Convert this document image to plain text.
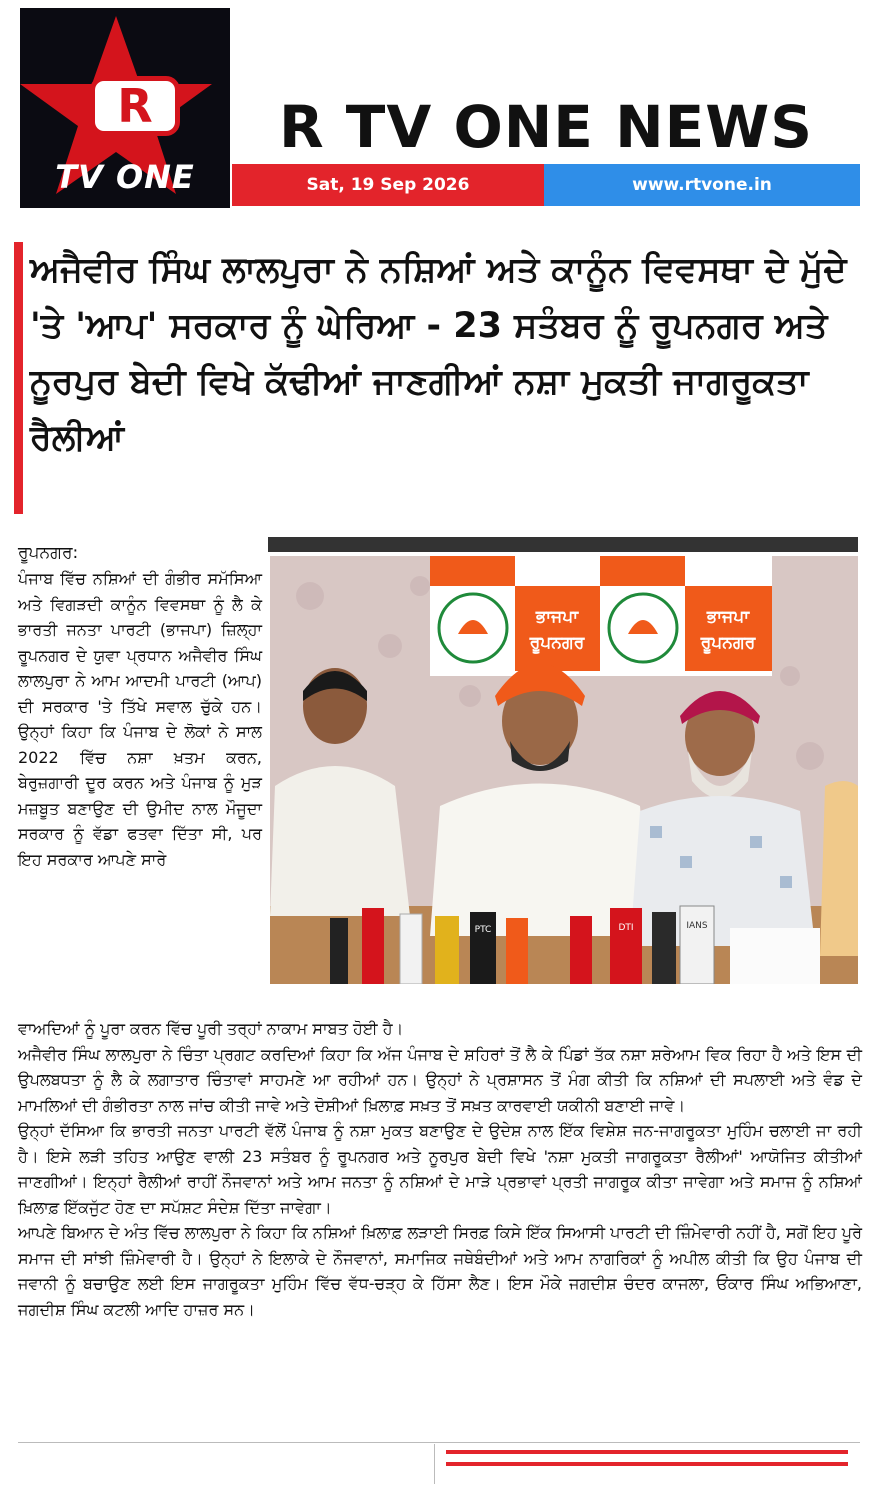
R
TV ONE
R TV ONE NEWS
Sat, 19 Sep 2026	www.rtvone.in
ਅਜੈਵੀਰ ਸਿੰਘ ਲਾਲਪੁਰਾ ਨੇ ਨਸ਼ਿਆਂ ਅਤੇ ਕਾਨੂੰਨ ਵਿਵਸਥਾ ਦੇ ਮੁੱਦੇ 'ਤੇ 'ਆਪ' ਸਰਕਾਰ ਨੂੰ ਘੇਰਿਆ - 23 ਸਤੰਬਰ ਨੂੰ ਰੂਪਨਗਰ ਅਤੇ ਨੂਰਪੁਰ ਬੇਦੀ ਵਿਖੇ ਕੱਢੀਆਂ ਜਾਣਗੀਆਂ ਨਸ਼ਾ ਮੁਕਤੀ ਜਾਗਰੂਕਤਾ ਰੈਲੀਆਂ

ਰੂਪਨਗਰ:

ਪੰਜਾਬ ਵਿੱਚ ਨਸ਼ਿਆਂ ਦੀ ਗੰਭੀਰ ਸਮੱਸਿਆ ਅਤੇ ਵਿਗੜਦੀ ਕਾਨੂੰਨ ਵਿਵਸਥਾ ਨੂੰ ਲੈ ਕੇ ਭਾਰਤੀ ਜਨਤਾ ਪਾਰਟੀ (ਭਾਜਪਾ) ਜ਼ਿਲ੍ਹਾ ਰੂਪਨਗਰ ਦੇ ਯੁਵਾ ਪ੍ਰਧਾਨ ਅਜੈਵੀਰ ਸਿੰਘ ਲਾਲਪੁਰਾ ਨੇ ਆਮ ਆਦਮੀ ਪਾਰਟੀ (ਆਪ) ਦੀ ਸਰਕਾਰ 'ਤੇ ਤਿੱਖੇ ਸਵਾਲ ਚੁੱਕੇ ਹਨ। ਉਨ੍ਹਾਂ ਕਿਹਾ ਕਿ ਪੰਜਾਬ ਦੇ ਲੋਕਾਂ ਨੇ ਸਾਲ 2022 ਵਿੱਚ ਨਸ਼ਾ ਖ਼ਤਮ ਕਰਨ, ਬੇਰੁਜ਼ਗਾਰੀ ਦੂਰ ਕਰਨ ਅਤੇ ਪੰਜਾਬ ਨੂੰ ਮੁੜ ਮਜ਼ਬੂਤ ਬਣਾਉਣ ਦੀ ਉਮੀਦ ਨਾਲ ਮੌਜੂਦਾ ਸਰਕਾਰ ਨੂੰ ਵੱਡਾ ਫਤਵਾ ਦਿੱਤਾ ਸੀ, ਪਰ ਇਹ ਸਰਕਾਰ ਆਪਣੇ ਸਾਰੇ

ਭਾਜਪਾ
ਰੂਪਨਗਰ
ਭਾਜਪਾ
ਰੂਪਨਗਰ
PTC	DTI	IANS

ਵਾਅਦਿਆਂ ਨੂੰ ਪੂਰਾ ਕਰਨ ਵਿੱਚ ਪੂਰੀ ਤਰ੍ਹਾਂ ਨਾਕਾਮ ਸਾਬਤ ਹੋਈ ਹੈ।

ਅਜੈਵੀਰ ਸਿੰਘ ਲਾਲਪੁਰਾ ਨੇ ਚਿੰਤਾ ਪ੍ਰਗਟ ਕਰਦਿਆਂ ਕਿਹਾ ਕਿ ਅੱਜ ਪੰਜਾਬ ਦੇ ਸ਼ਹਿਰਾਂ ਤੋਂ ਲੈ ਕੇ ਪਿੰਡਾਂ ਤੱਕ ਨਸ਼ਾ ਸ਼ਰੇਆਮ ਵਿਕ ਰਿਹਾ ਹੈ ਅਤੇ ਇਸ ਦੀ ਉਪਲਬਧਤਾ ਨੂੰ ਲੈ ਕੇ ਲਗਾਤਾਰ ਚਿੰਤਾਵਾਂ ਸਾਹਮਣੇ ਆ ਰਹੀਆਂ ਹਨ। ਉਨ੍ਹਾਂ ਨੇ ਪ੍ਰਸ਼ਾਸਨ ਤੋਂ ਮੰਗ ਕੀਤੀ ਕਿ ਨਸ਼ਿਆਂ ਦੀ ਸਪਲਾਈ ਅਤੇ ਵੰਡ ਦੇ ਮਾਮਲਿਆਂ ਦੀ ਗੰਭੀਰਤਾ ਨਾਲ ਜਾਂਚ ਕੀਤੀ ਜਾਵੇ ਅਤੇ ਦੋਸ਼ੀਆਂ ਖ਼ਿਲਾਫ਼ ਸਖ਼ਤ ਤੋਂ ਸਖ਼ਤ ਕਾਰਵਾਈ ਯਕੀਨੀ ਬਣਾਈ ਜਾਵੇ।

ਉਨ੍ਹਾਂ ਦੱਸਿਆ ਕਿ ਭਾਰਤੀ ਜਨਤਾ ਪਾਰਟੀ ਵੱਲੋਂ ਪੰਜਾਬ ਨੂੰ ਨਸ਼ਾ ਮੁਕਤ ਬਣਾਉਣ ਦੇ ਉਦੇਸ਼ ਨਾਲ ਇੱਕ ਵਿਸ਼ੇਸ਼ ਜਨ-ਜਾਗਰੂਕਤਾ ਮੁਹਿੰਮ ਚਲਾਈ ਜਾ ਰਹੀ ਹੈ। ਇਸੇ ਲੜੀ ਤਹਿਤ ਆਉਣ ਵਾਲੀ 23 ਸਤੰਬਰ ਨੂੰ ਰੂਪਨਗਰ ਅਤੇ ਨੂਰਪੁਰ ਬੇਦੀ ਵਿਖੇ 'ਨਸ਼ਾ ਮੁਕਤੀ ਜਾਗਰੂਕਤਾ ਰੈਲੀਆਂ' ਆਯੋਜਿਤ ਕੀਤੀਆਂ ਜਾਣਗੀਆਂ। ਇਨ੍ਹਾਂ ਰੈਲੀਆਂ ਰਾਹੀਂ ਨੌਜਵਾਨਾਂ ਅਤੇ ਆਮ ਜਨਤਾ ਨੂੰ ਨਸ਼ਿਆਂ ਦੇ ਮਾੜੇ ਪ੍ਰਭਾਵਾਂ ਪ੍ਰਤੀ ਜਾਗਰੂਕ ਕੀਤਾ ਜਾਵੇਗਾ ਅਤੇ ਸਮਾਜ ਨੂੰ ਨਸ਼ਿਆਂ ਖ਼ਿਲਾਫ਼ ਇੱਕਜੁੱਟ ਹੋਣ ਦਾ ਸਪੱਸ਼ਟ ਸੰਦੇਸ਼ ਦਿੱਤਾ ਜਾਵੇਗਾ।

ਆਪਣੇ ਬਿਆਨ ਦੇ ਅੰਤ ਵਿੱਚ ਲਾਲਪੁਰਾ ਨੇ ਕਿਹਾ ਕਿ ਨਸ਼ਿਆਂ ਖ਼ਿਲਾਫ਼ ਲੜਾਈ ਸਿਰਫ਼ ਕਿਸੇ ਇੱਕ ਸਿਆਸੀ ਪਾਰਟੀ ਦੀ ਜ਼ਿੰਮੇਵਾਰੀ ਨਹੀਂ ਹੈ, ਸਗੋਂ ਇਹ ਪੂਰੇ ਸਮਾਜ ਦੀ ਸਾਂਝੀ ਜ਼ਿੰਮੇਵਾਰੀ ਹੈ। ਉਨ੍ਹਾਂ ਨੇ ਇਲਾਕੇ ਦੇ ਨੌਜਵਾਨਾਂ, ਸਮਾਜਿਕ ਜਥੇਬੰਦੀਆਂ ਅਤੇ ਆਮ ਨਾਗਰਿਕਾਂ ਨੂੰ ਅਪੀਲ ਕੀਤੀ ਕਿ ਉਹ ਪੰਜਾਬ ਦੀ ਜਵਾਨੀ ਨੂੰ ਬਚਾਉਣ ਲਈ ਇਸ ਜਾਗਰੂਕਤਾ ਮੁਹਿੰਮ ਵਿੱਚ ਵੱਧ-ਚੜ੍ਹ ਕੇ ਹਿੱਸਾ ਲੈਣ। ਇਸ ਮੌਕੇ ਜਗਦੀਸ਼ ਚੰਦਰ ਕਾਜਲਾ, ਓਂਕਾਰ ਸਿੰਘ ਅਭਿਆਣਾ, ਜਗਦੀਸ਼ ਸਿੰਘ ਕਟਲੀ ਆਦਿ ਹਾਜ਼ਰ ਸਨ।
